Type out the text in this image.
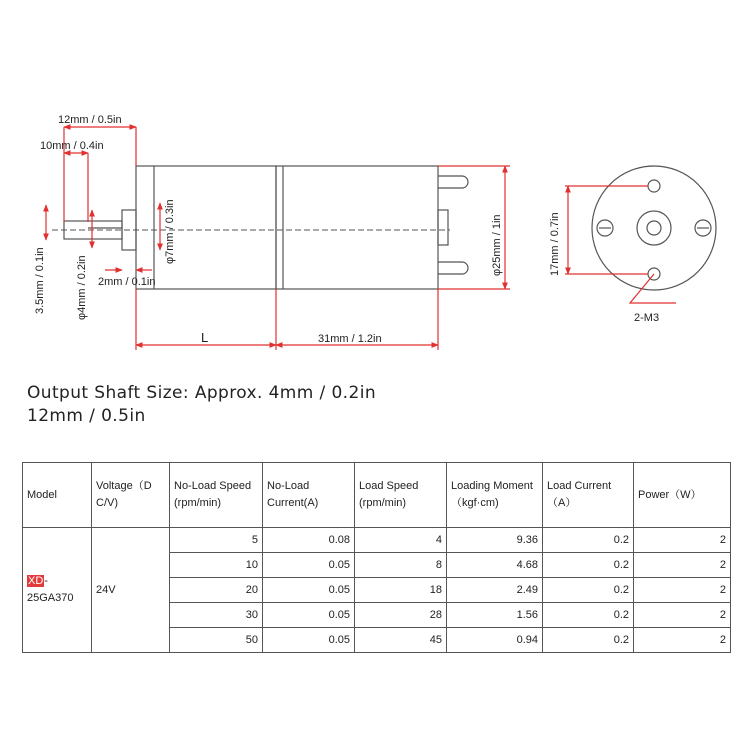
12mm / 0.5in
10mm / 0.4in
3.5mm / 0.1in	φ4mm / 0.2in 2mm / 0.1in
φ7mm / 0.3in
L	31mm / 1.2in
φ25mm / 1in	17mm / 0.7in
2-M3
Output Shaft Size: Approx. 4mm / 0.2in
12mm / 0.5in
Model	Voltage（D C/V)	No-Load Speed (rpm/min)	No-Load Current(A)	Load Speed (rpm/min)	Loading Moment（kgf·cm)	Load Current（A）	Power（W）
XD-25GA370	24V	5	0.08	4	9.36	0.2	2
		10	0.05	8	4.68	0.2	2
		20	0.05	18	2.49	0.2	2
		30	0.05	28	1.56	0.2	2
		50	0.05	45	0.94	0.2	2
